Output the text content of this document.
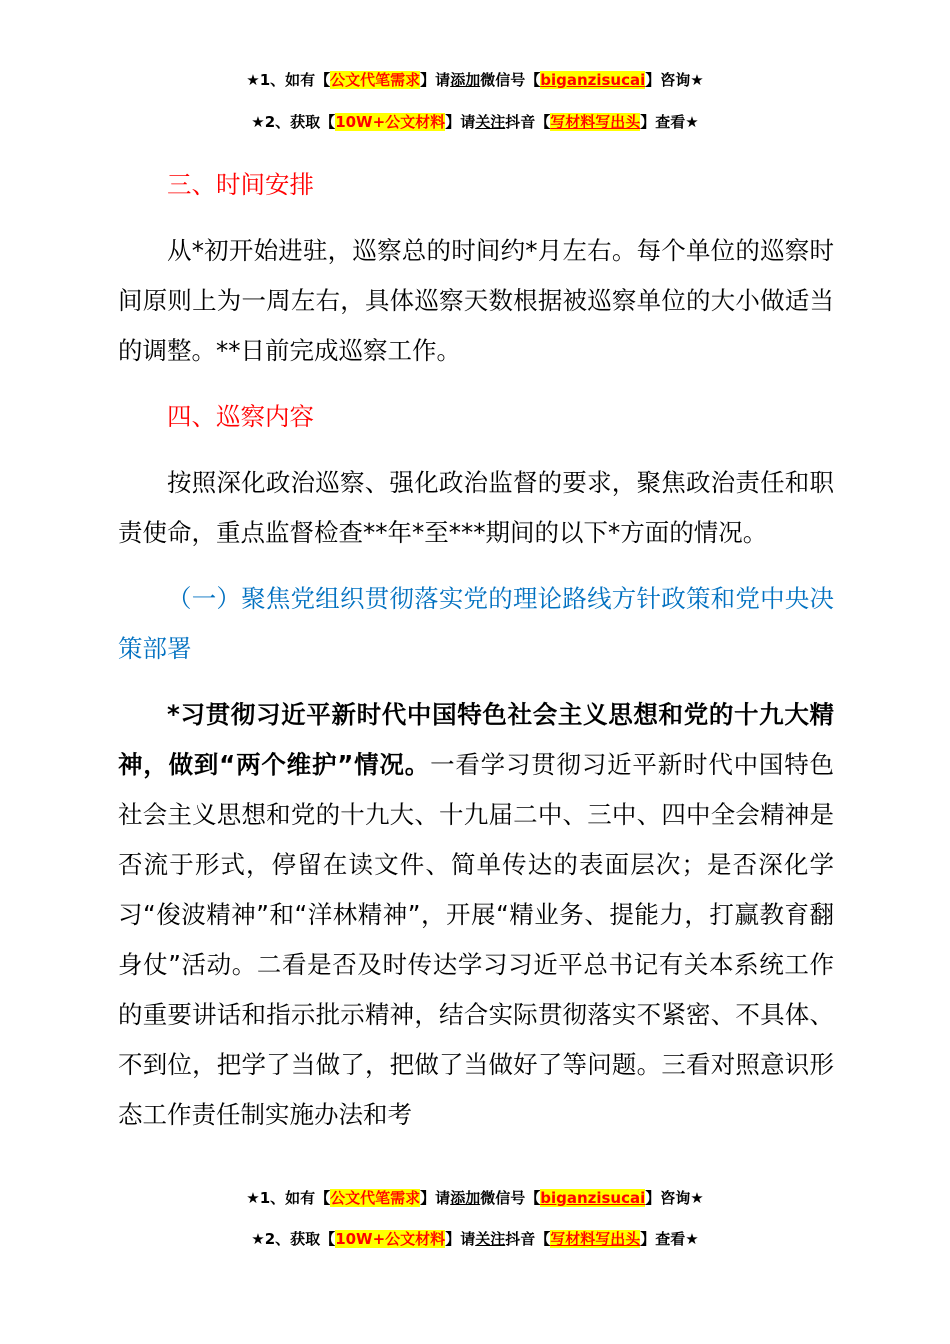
★1、如有【公文代笔需求】请添加微信号【biganzisucai】咨询★
★2、获取【10W+公文材料】请关注抖音【写材料写出头】查看★

三、时间安排

从*初开始进驻，巡察总的时间约*月左右。每个单位的巡察时间原则上为一周左右，具体巡察天数根据被巡察单位的大小做适当的调整。**日前完成巡察工作。

四、巡察内容

按照深化政治巡察、强化政治监督的要求，聚焦政治责任和职责使命，重点监督检查**年*至***期间的以下*方面的情况。

（一）聚焦党组织贯彻落实党的理论路线方针政策和党中央决策部署

*习贯彻习近平新时代中国特色社会主义思想和党的十九大精神，做到“两个维护”情况。一看学习贯彻习近平新时代中国特色社会主义思想和党的十九大、十九届二中、三中、四中全会精神是否流于形式，停留在读文件、简单传达的表面层次；是否深化学习“俊波精神”和“洋林精神”，开展“精业务、提能力，打赢教育翻身仗”活动。二看是否及时传达学习习近平总书记有关本系统工作的重要讲话和指示批示精神，结合实际贯彻落实不紧密、不具体、不到位，把学了当做了，把做了当做好了等问题。三看对照意识形态工作责任制实施办法和考

★1、如有【公文代笔需求】请添加微信号【biganzisucai】咨询★
★2、获取【10W+公文材料】请关注抖音【写材料写出头】查看★
